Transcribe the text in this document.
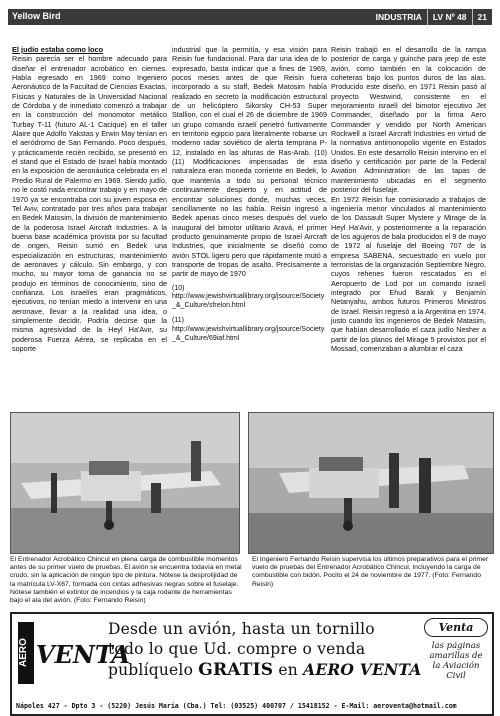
Yellow Bird	INDUSTRIA	LV Nº 48	21

El judío estaba como loco

Reisin parecía ser el hombre adecuado para diseñar el entrenador acrobático en ciernes. Había egresado en 1969 como Ingeniero Aeronáutico de la Facultad de Ciencias Exactas, Físicas y Naturales de la Universidad Nacional de Córdoba y de inmediato comenzó a trabajar en la construcción del monomotor metálico Turbay T-11 (futuro AL-1 Cacique) en el taller Alaire que Adolfo Yakstas y Erwin May tenían en el aeródromo de San Fernando. Poco después, y prácticamente recién recibido, se presentó en el stand que el Estado de Israel había montado en la exposición de aeronáutica celebrada en el Predio Rural de Palermo en 1969. Siendo judío, no le costó nada encontrar trabajo y en mayo de 1970 ya se encontraba con su joven esposa en Tel Aviv, contratado por tres años para trabajar en Bedek Matosim, la división de mantenimiento de la poderosa Israel Aircraft Industries. A la buena base académica provista por su facultad de origen, Reisin sumó en Bedek una especialización en estructuras, mantenimiento de aeronaves y cálculo. Sin embargo, y con mucho, su mayor toma de ganancia no se produjo en términos de conocimiento, sino de confianza. Los israelíes eran pragmáticos, ejecutivos, no tenían miedo a intervenir en una aeronave, llevar a la realidad una idea, o simplemente decidir. Podría decirse que la misma agresividad de la Heyl Ha'Avir, su poderosa Fuerza Aérea, se replicaba en el soporte

industrial que la permitía, y esa visión para Reisin fue fundacional. Para dar una idea de lo expresado, basta indicar que a fines de 1969, pocos meses antes de que Reisin fuera incorporado a su staff, Bedek Matosim había realizado en secreto la modificación estructural de un helicóptero Sikorsky CH-53 Super Stallion, con el cual el 26 de diciembre de 1969 un grupo comando israelí penetró furtivamente en territorio egipcio para literalmente robarse un moderno radar soviético de alerta temprana P-12, instalado en las alturas de Ras-Arab. (10) (11) Modificaciones impensadas de esta naturaleza eran moneda corriente en Bedek, lo que mantenía a todo su personal técnico continuamente despierto y en actitud de encontrar soluciones donde, muchas veces, sencillamente no las había. Reisin ingresó a Bedek apenas cinco meses después del vuelo inaugural del bimotor utilitario Aravá, el primer producto genuinamente propio de Israel Aircraft Industries, que inicialmente se diseñó como avión STOL ligero pero que rápidamente mutó a transporte de tropas de asalto. Precisamente a partir de mayo de 1970

(10)
http://www.jewishvirtuallibrary.org/jsource/Society_&_Culture/sfrelon.html

(11)
http://www.jewishvirtuallibrary.org/jsource/Society_&_Culture/69iaf.html

Reisin trabajó en el desarrollo de la rampa posterior de carga y guinche para jeep de este avión, como también en la colocación de coheteras bajo los puntos duros de las alas. Producido este diseño, en 1971 Reisin pasó al proyecto Westwind, consistente en el mejoramiento israelí del bimotor ejecutivo Jet Commander, diseñado por la firma Aero Commander y vendido por North American Rockwell a Israel Aircraft Industries en virtud de la normativa antimonopolio vigente en Estados Unidos. En este desarrollo Reisin intervino en el diseño y certificación por parte de la Federal Aviation Administration de las tapas de mantenimiento ubicadas en el segmento posterior del fuselaje.

En 1972 Reisin fue comisionado a trabajos de ingeniería menor vinculados al mantenimiento de los Dassault Super Mystere y Mirage de la Heyl Ha'Avir, y posteriormente a la reparación de los agujeros de bala producidos el 9 de mayo de 1972 al fuselaje del Boeing 707 de la empresa SABENA, secuestrado en vuelo por terroristas de la organización Septiembre Negro, cuyos rehenes fueron rescatados en el Aeropuerto de Lod por un comando israelí integrado por Ehud Barak y Benjamín Netanyahu, ambos futuros Primeros Ministros de Israel. Reisin regresó a la Argentina en 1974, justo cuando los ingenieros de Bedek Matasim, que habían desarrollado el caza judío Nesher a partir de los planos del Mirage 5 provistos por el Mossad, comenzaban a alumbrar el caza

El Entrenador Acrobático Chincul en plena carga de combustible momentos antes de su primer vuelo de pruebas. El avión se encuentra todavía en metal crudo, sin la aplicación de ningún tipo de pintura. Nótese la desprolijidad de la matrícula LV-X67, formada con cintas adhesivas negras sobre el fuselaje. Nótese también el extintor de incendios y la caja rodante de herramientas bajo el ala del avión. (Foto: Fernando Reisin)
El Ingeniero Fernando Reisin supervisa los últimos preparativos para el primer vuelo de pruebas del Entrenador Acrobático Chincul, incluyendo la carga de combustible con bidón. Pocito el 24 de noviembre de 1977. (Foto: Fernando Reisin)
AERO VENTA
Desde un avión, hasta un tornillo
todo lo que Ud. compre o venda
publíquelo GRATIS en AERO VENTA
Venta
las páginas
amarillas de
la Aviación
Civil
Nápoles 427 - Dpto 3 - (5220) Jesús María (Cba.) Tel: (03525) 400707 / 15418152 - E-Mail: aeroventa@hotmail.com
